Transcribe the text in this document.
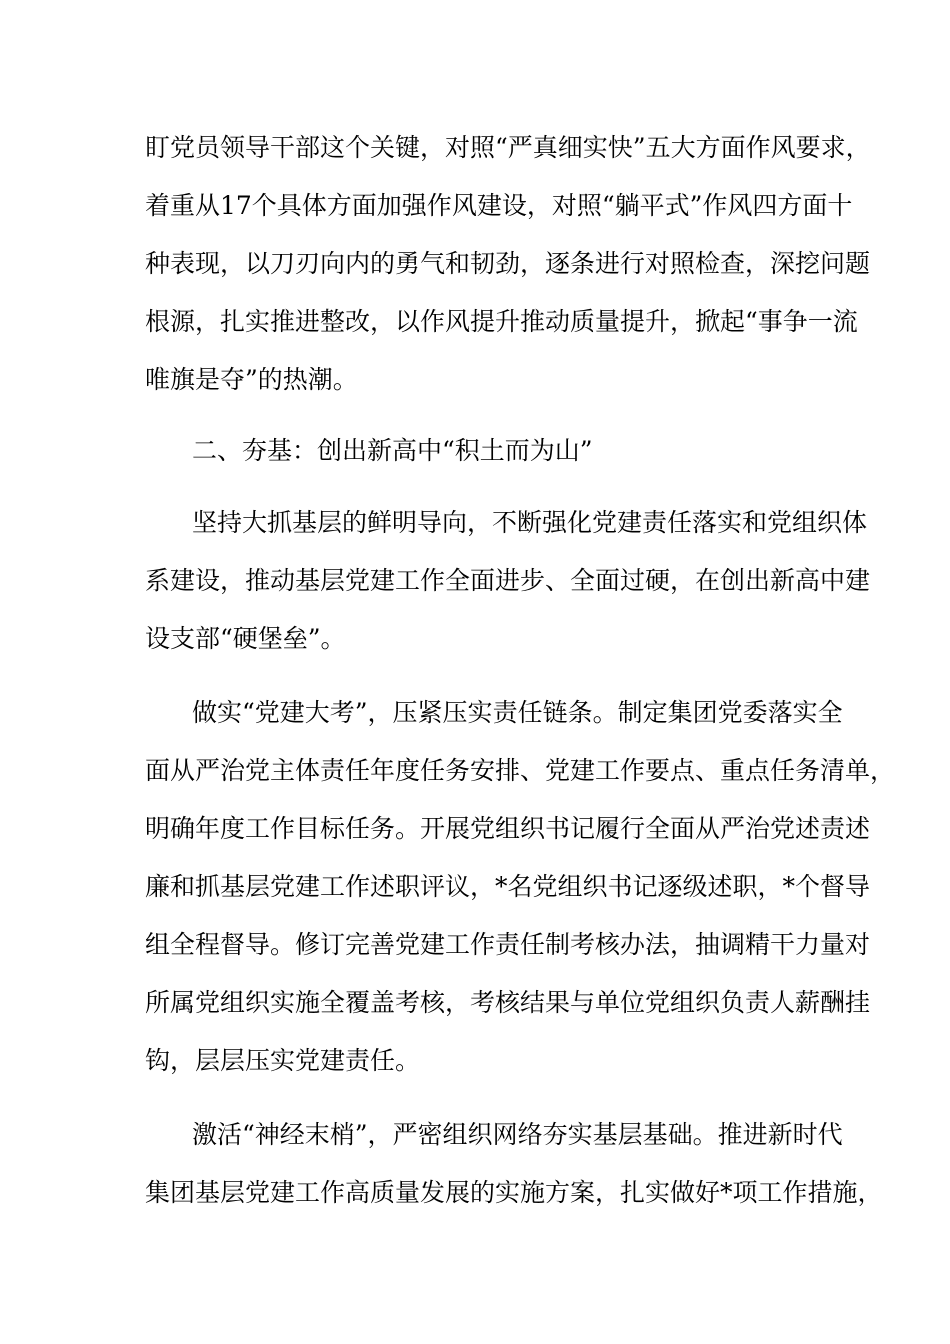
盯党员领导干部这个关键，对照“严真细实快”五大方面作风要求，
着重从17个具体方面加强作风建设，对照“躺平式”作风四方面十
种表现，以刀刃向内的勇气和韧劲，逐条进行对照检查，深挖问题
根源，扎实推进整改，以作风提升推动质量提升，掀起“事争一流
唯旗是夺”的热潮。
二、夯基：创出新高中“积土而为山”
坚持大抓基层的鲜明导向，不断强化党建责任落实和党组织体
系建设，推动基层党建工作全面进步、全面过硬，在创出新高中建
设支部“硬堡垒”。
做实“党建大考”，压紧压实责任链条。制定集团党委落实全
面从严治党主体责任年度任务安排、党建工作要点、重点任务清单，
明确年度工作目标任务。开展党组织书记履行全面从严治党述责述
廉和抓基层党建工作述职评议，*名党组织书记逐级述职，*个督导
组全程督导。修订完善党建工作责任制考核办法，抽调精干力量对
所属党组织实施全覆盖考核，考核结果与单位党组织负责人薪酬挂
钩，层层压实党建责任。
激活“神经末梢”，严密组织网络夯实基层基础。推进新时代
集团基层党建工作高质量发展的实施方案，扎实做好*项工作措施，
